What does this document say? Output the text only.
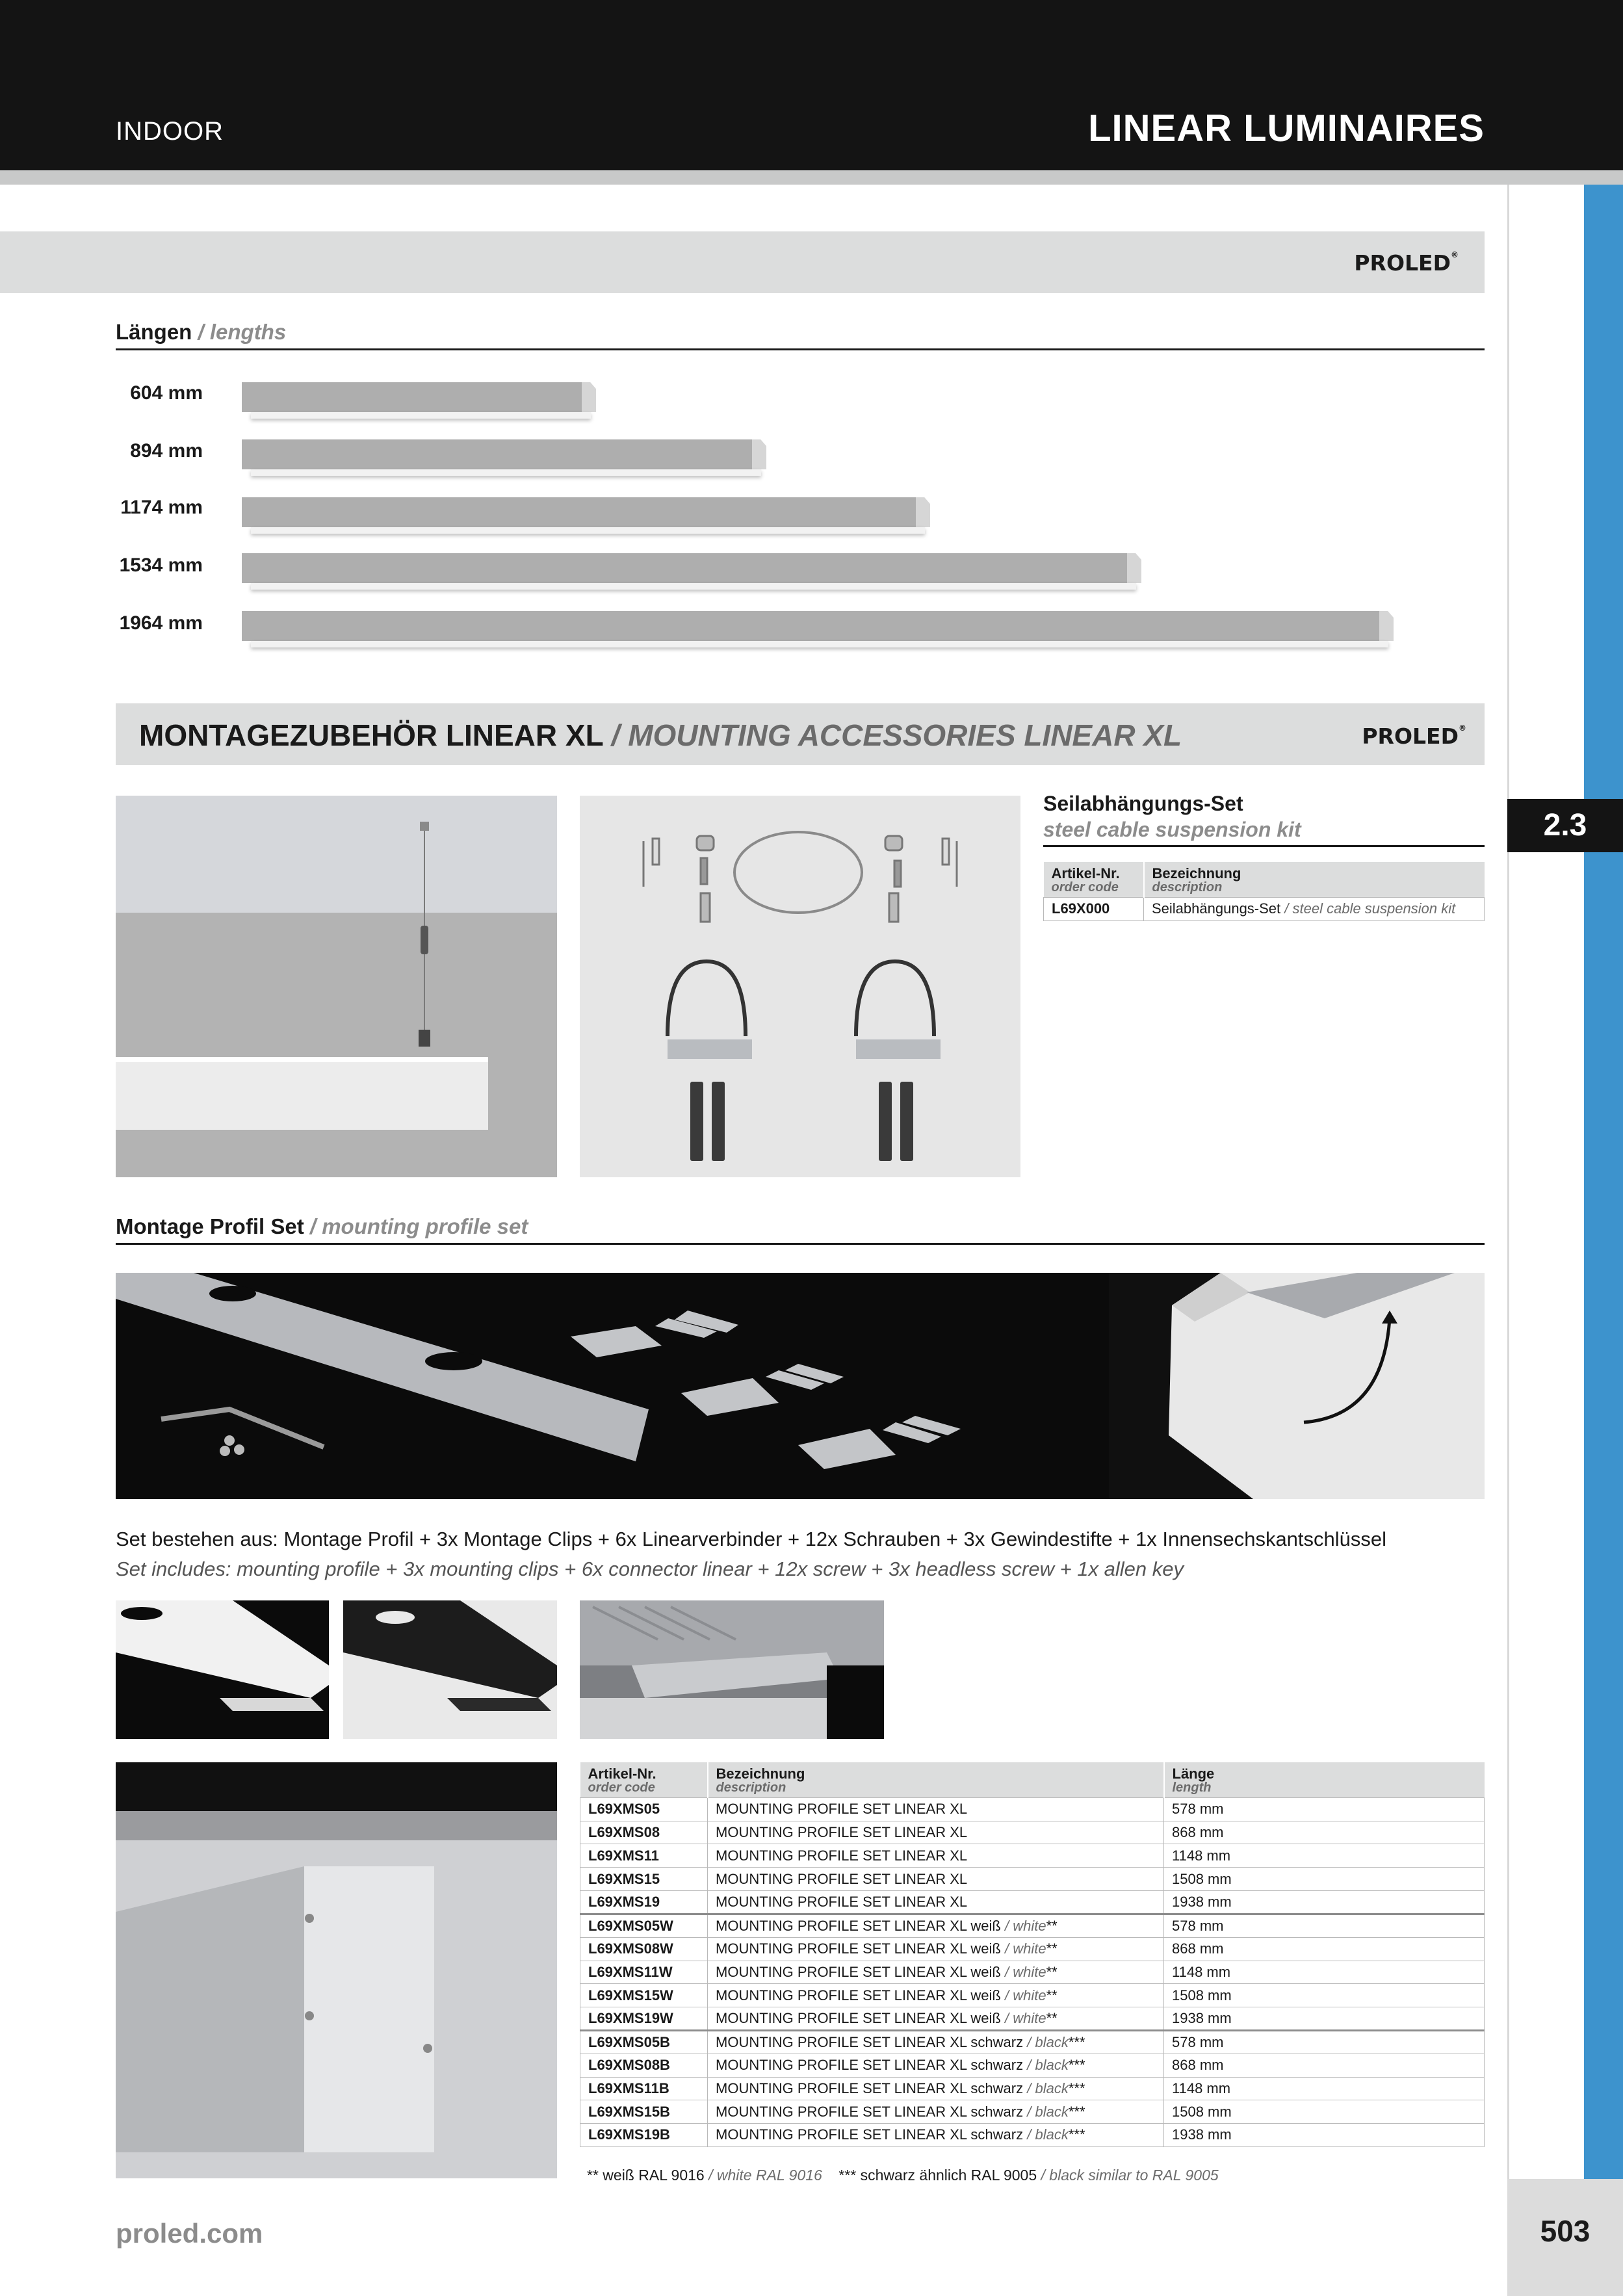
INDOOR	LINEAR LUMINAIRES
2.3
503
PROLED®
Längen / lengths
604 mm
894 mm
1174 mm
1534 mm
1964 mm
MONTAGEZUBEHÖR LINEAR XL / MOUNTING ACCESSORIES LINEAR XL	PROLED®
Seilabhängungs-Set
steel cable suspension kit
Artikel-Nr.
order code	Bezeichnung
description

L69X000	Seilabhängungs-Set / steel cable suspension kit
Montage Profil Set / mounting profile set
Set bestehen aus: Montage Profil + 3x Montage Clips + 6x Linearverbinder + 12x Schrauben + 3x Gewindestifte + 1x Innensechskantschlüssel
Set includes: mounting profile + 3x mounting clips + 6x connector linear + 12x screw + 3x headless screw + 1x allen key
Artikel-Nr.
order code	Bezeichnung
description	Länge
length

L69XMS05	MOUNTING PROFILE SET LINEAR XL	578 mm
L69XMS08	MOUNTING PROFILE SET LINEAR XL	868 mm
L69XMS11	MOUNTING PROFILE SET LINEAR XL	1148 mm
L69XMS15	MOUNTING PROFILE SET LINEAR XL	1508 mm
L69XMS19	MOUNTING PROFILE SET LINEAR XL	1938 mm
L69XMS05W	MOUNTING PROFILE SET LINEAR XL weiß / white**	578 mm
L69XMS08W	MOUNTING PROFILE SET LINEAR XL weiß / white**	868 mm
L69XMS11W	MOUNTING PROFILE SET LINEAR XL weiß / white**	1148 mm
L69XMS15W	MOUNTING PROFILE SET LINEAR XL weiß / white**	1508 mm
L69XMS19W	MOUNTING PROFILE SET LINEAR XL weiß / white**	1938 mm
L69XMS05B	MOUNTING PROFILE SET LINEAR XL schwarz / black***	578 mm
L69XMS08B	MOUNTING PROFILE SET LINEAR XL schwarz / black***	868 mm
L69XMS11B	MOUNTING PROFILE SET LINEAR XL schwarz / black***	1148 mm
L69XMS15B	MOUNTING PROFILE SET LINEAR XL schwarz / black***	1508 mm
L69XMS19B	MOUNTING PROFILE SET LINEAR XL schwarz / black***	1938 mm
** weiß RAL 9016 / white RAL 9016 *** schwarz ähnlich RAL 9005 / black similar to RAL 9005
proled.com
